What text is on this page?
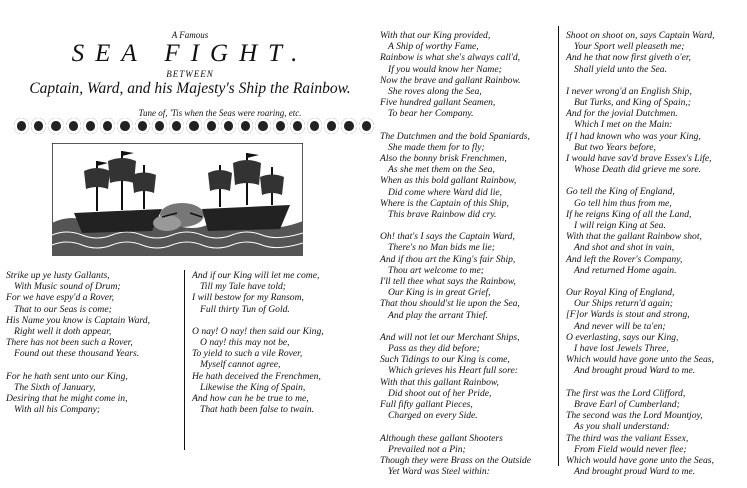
A Famous
SEA FIGHT.
BETWEEN
Captain, Ward, and his Majesty's Ship the Rainbow.
Tune of, 'Tis when the Seas were roaring, etc.
Strike up ye lusty Gallants,
With Music sound of Drum;
For we have espy'd a Rover,
That to our Seas is come;
His Name you know is Captain Ward,
Right well it doth appear,
There has not been such a Rover,
Found out these thousand Years.
For he hath sent unto our King,
The Sixth of January,
Desiring that he might come in,
With all his Company;
And if our King will let me come,
Till my Tale have told;
I will bestow for my Ransom,
Full thirty Tun of Gold.
O nay! O nay! then said our King,
O nay! this may not be,
To yield to such a vile Rover,
Myself cannot agree,
He hath deceived the Frenchmen,
Likewise the King of Spain,
And how can he be true to me,
That hath been false to twain.
With that our King provided,
A Ship of worthy Fame,
Rainbow is what she's always call'd,
If you would know her Name;
Now the brave and gallant Rainbow.
She roves along the Sea,
Five hundred gallant Seamen,
To bear her Company.
The Dutchmen and the bold Spaniards,
She made them for to fly;
Also the bonny brisk Frenchmen,
As she met them on the Sea,
When as this bold gallant Rainbow,
Did come where Ward did lie,
Where is the Captain of this Ship,
This brave Rainbow did cry.
Oh! that's I says the Captain Ward,
There's no Man bids me lie;
And if thou art the King's fair Ship,
Thou art welcome to me;
I'll tell thee what says the Rainbow,
Our King is in great Grief,
That thou should'st lie upon the Sea,
And play the arrant Thief.
And will not let our Merchant Ships,
Pass as they did before;
Such Tidings to our King is come,
Which grieves his Heart full sore:
With that this gallant Rainbow,
Did shoot out of her Pride,
Full fifty gallant Pieces,
Charged on every Side.
Although these gallant Shooters
Prevailed not a Pin;
Though they were Brass on the Outside
Yet Ward was Steel within:
Shoot on shoot on, says Captain Ward,
Your Sport well pleaseth me;
And he that now first giveth o'er,
Shall yield unto the Sea.
I never wrong'd an English Ship,
But Turks, and King of Spain,;
And for the jovial Dutchmen.
Which I met on the Main:
If I had known who was your King,
But two Years before,
I would have sav'd brave Essex's Life,
Whose Death did grieve me sore.
Go tell the King of England,
Go tell him thus from me,
If he reigns King of all the Land,
I will reign King at Sea.
With that the gallant Rainbow shot,
And shot and shot in vain,
And left the Rover's Company,
And returned Home again.
Our Royal King of England,
Our Ships return'd again;
[F]or Wards is stout and strong,
And never will be ta'en;
O everlasting, says our King,
I have lost Jewels Three,
Which would have gone unto the Seas,
And brought proud Ward to me.
The first was the Lord Clifford,
Brave Earl of Cumberland;
The second was the Lord Mountjoy,
As you shall understand:
The third was the valiant Essex,
From Field would never flee;
Which would have gone unto the Seas,
And brought proud Ward to me.
